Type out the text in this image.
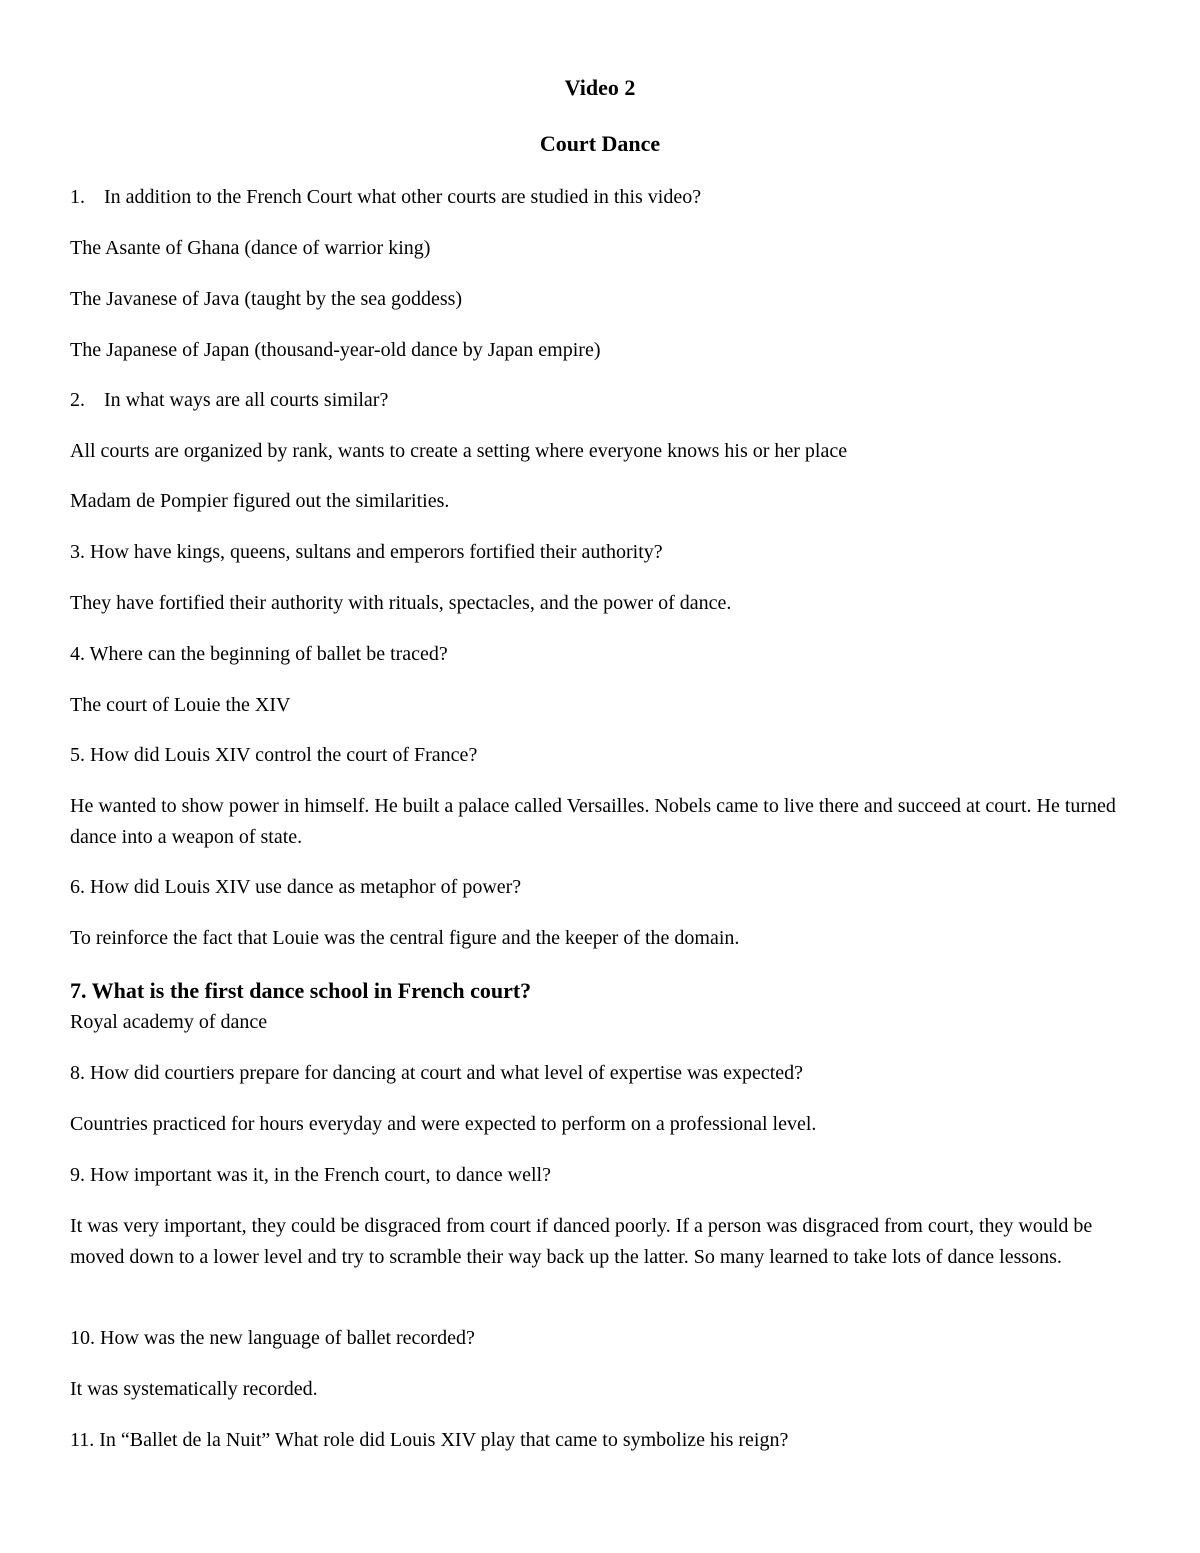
Video 2
Court Dance
1. In addition to the French Court what other courts are studied in this video?
The Asante of Ghana (dance of warrior king)
The Javanese of Java (taught by the sea goddess)
The Japanese of Japan (thousand-year-old dance by Japan empire)
2. In what ways are all courts similar?
All courts are organized by rank, wants to create a setting where everyone knows his or her place
Madam de Pompier figured out the similarities.
3. How have kings, queens, sultans and emperors fortified their authority?
They have fortified their authority with rituals, spectacles, and the power of dance.
4. Where can the beginning of ballet be traced?
The court of Louie the XIV
5. How did Louis XIV control the court of France?
He wanted to show power in himself. He built a palace called Versailles. Nobels came to live there and succeed at court. He turned dance into a weapon of state.
6. How did Louis XIV use dance as metaphor of power?
To reinforce the fact that Louie was the central figure and the keeper of the domain.
7. What is the first dance school in French court?
Royal academy of dance
8. How did courtiers prepare for dancing at court and what level of expertise was expected?
Countries practiced for hours everyday and were expected to perform on a professional level.
9. How important was it, in the French court, to dance well?
It was very important, they could be disgraced from court if danced poorly. If a person was disgraced from court, they would be moved down to a lower level and try to scramble their way back up the latter. So many learned to take lots of dance lessons.
10. How was the new language of ballet recorded?
It was systematically recorded.
11. In “Ballet de la Nuit” What role did Louis XIV play that came to symbolize his reign?
